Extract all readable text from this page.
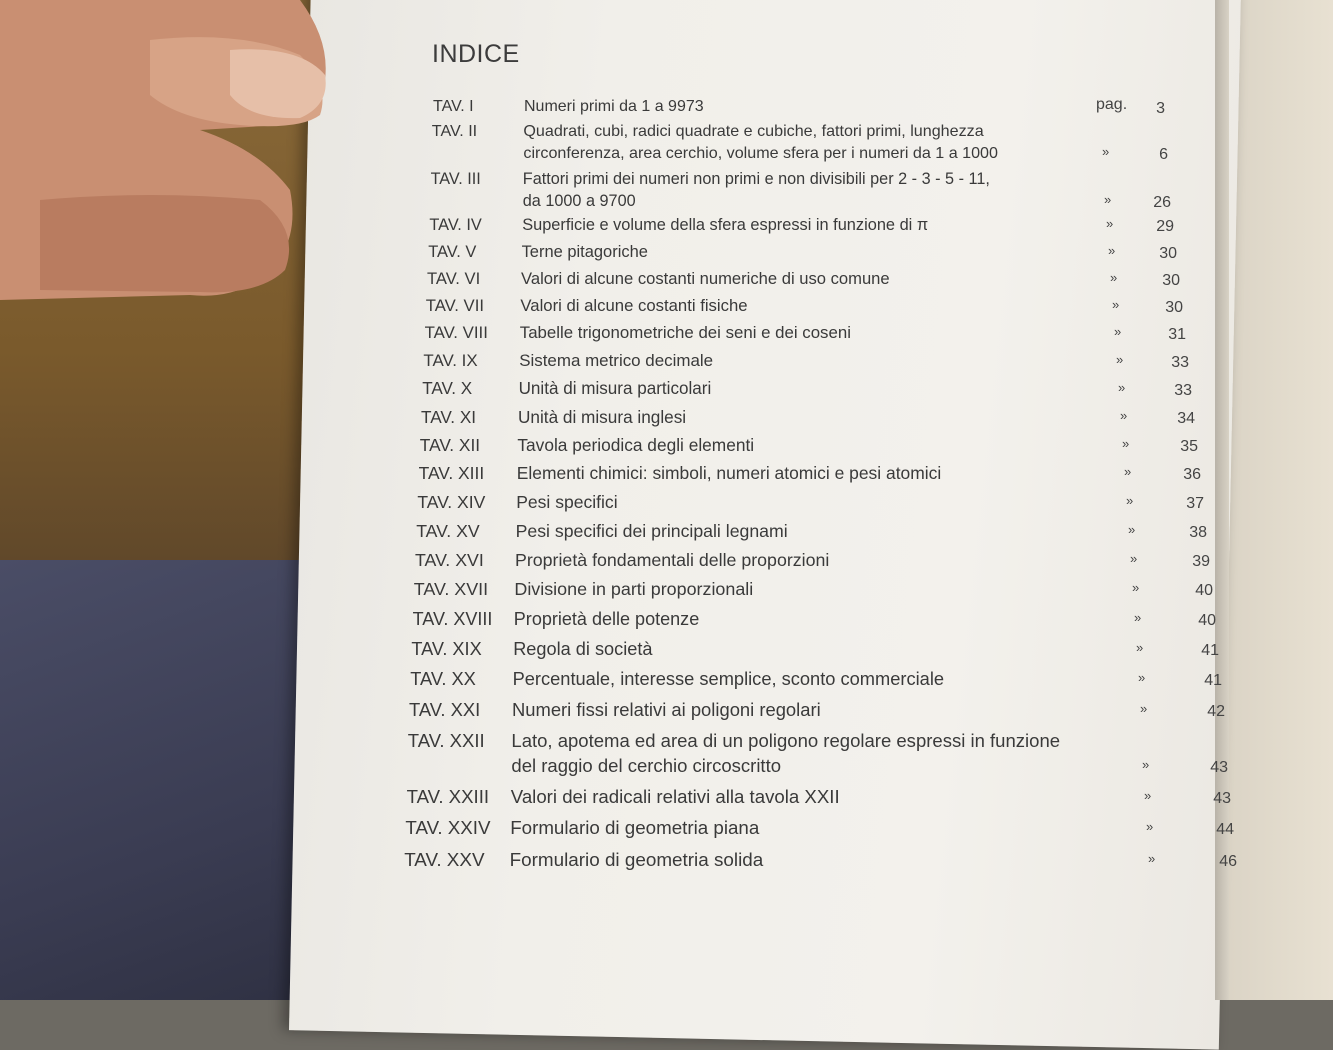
INDICE
TAV. I	Numeri primi da 1 a 9973	pag.	3
TAV. II	Quadrati, cubi, radici quadrate e cubiche, fattori primi, lunghezza
circonferenza, area cerchio, volume sfera per i numeri da 1 a 1000	»	6
TAV. III	Fattori primi dei numeri non primi e non divisibili per 2 - 3 - 5 - 11,
da 1000 a 9700	»	26
TAV. IV Superficie e volume della sfera espressi in funzione di π	»	29
TAV. V	Terne pitagoriche	»	30
TAV. VI Valori di alcune costanti numeriche di uso comune	»	30
TAV. VII Valori di alcune costanti fisiche	»	30
TAV. VIII Tabelle trigonometriche dei seni e dei coseni	»	31
TAV. IX Sistema metrico decimale	»	33
TAV. X	Unità di misura particolari	»	33
TAV. XI Unità di misura inglesi	»	34
TAV. XII Tavola periodica degli elementi	»	35
TAV. XIII Elementi chimici: simboli, numeri atomici e pesi atomici	»	36
TAV. XIV Pesi specifici	»	37
TAV. XV Pesi specifici dei principali legnami	»	38
TAV. XVI Proprietà fondamentali delle proporzioni	»	39
TAV. XVII Divisione in parti proporzionali	»	40
TAV. XVIII Proprietà delle potenze	»	40
TAV. XIX Regola di società	»	41
TAV. XX Percentuale, interesse semplice, sconto commerciale	»	41
TAV. XXI Numeri fissi relativi ai poligoni regolari	»	42
TAV. XXII Lato, apotema ed area di un poligono regolare espressi in funzione
del raggio del cerchio circoscritto	»	43
TAV. XXIII Valori dei radicali relativi alla tavola XXII	»	43
TAV. XXIV Formulario di geometria piana	»	44
TAV. XXV Formulario di geometria solida	»	46
